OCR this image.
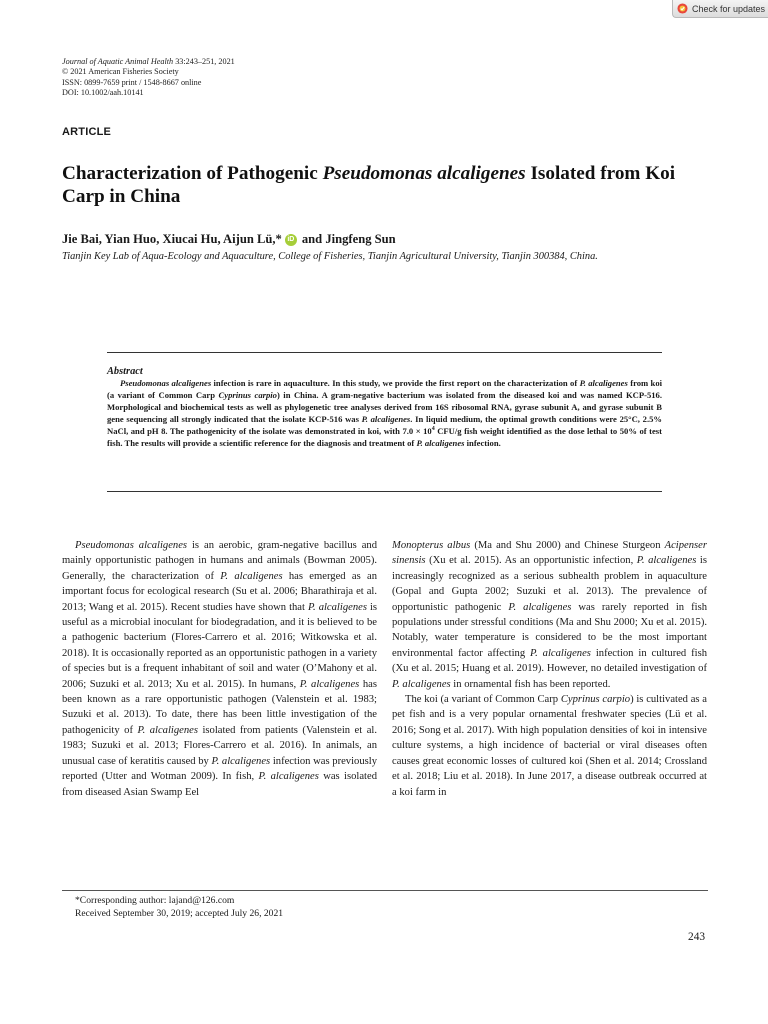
Check for updates
Journal of Aquatic Animal Health 33:243–251, 2021
© 2021 American Fisheries Society
ISSN: 0899-7659 print / 1548-8667 online
DOI: 10.1002/aah.10141
ARTICLE
Characterization of Pathogenic Pseudomonas alcaligenes Isolated from Koi Carp in China
Jie Bai, Yian Huo, Xiucai Hu, Aijun Lü,* iD and Jingfeng Sun
Tianjin Key Lab of Aqua-Ecology and Aquaculture, College of Fisheries, Tianjin Agricultural University, Tianjin 300384, China.
Abstract
Pseudomonas alcaligenes infection is rare in aquaculture. In this study, we provide the first report on the characterization of P. alcaligenes from koi (a variant of Common Carp Cyprinus carpio) in China. A gram-negative bacterium was isolated from the diseased koi and was named KCP-516. Morphological and biochemical tests as well as phylogenetic tree analyses derived from 16S ribosomal RNA, gyrase subunit A, and gyrase subunit B gene sequencing all strongly indicated that the isolate KCP-516 was P. alcaligenes. In liquid medium, the optimal growth conditions were 25°C, 2.5% NaCl, and pH 8. The pathogenicity of the isolate was demonstrated in koi, with $7.0 \times 10^4$ CFU/g fish weight identified as the dose lethal to 50% of test fish. The results will provide a scientific reference for the diagnosis and treatment of P. alcaligenes infection.

Pseudomonas alcaligenes is an aerobic, gram-negative bacillus and mainly opportunistic pathogen in humans and animals (Bowman 2005). Generally, the characterization of P. alcaligenes has emerged as an important focus for ecological research (Su et al. 2006; Bharathiraja et al. 2013; Wang et al. 2015). Recent studies have shown that P. alcaligenes is useful as a microbial inoculant for biodegradation, and it is believed to be a pathogenic bacterium (Flores-Carrero et al. 2016; Witkowska et al. 2018). It is occasionally reported as an opportunistic pathogen in a variety of species but is a frequent inhabitant of soil and water (O’Mahony et al. 2006; Suzuki et al. 2013; Xu et al. 2015). In humans, P. alcaligenes has been known as a rare opportunistic pathogen (Valenstein et al. 1983; Suzuki et al. 2013). To date, there has been little investigation of the pathogenicity of P. alcaligenes isolated from patients (Valenstein et al. 1983; Suzuki et al. 2013; Flores-Carrero et al. 2016). In animals, an unusual case of keratitis caused by P. alcaligenes infection was previously reported (Utter and Wotman 2009). In fish, P. alcaligenes was isolated from diseased Asian Swamp Eel

Monopterus albus (Ma and Shu 2000) and Chinese Sturgeon Acipenser sinensis (Xu et al. 2015). As an opportunistic infection, P. alcaligenes is increasingly recognized as a serious subhealth problem in aquaculture (Gopal and Gupta 2002; Suzuki et al. 2013). The prevalence of opportunistic pathogenic P. alcaligenes was rarely reported in fish populations under stressful conditions (Ma and Shu 2000; Xu et al. 2015). Notably, water temperature is considered to be the most important environmental factor affecting P. alcaligenes infection in cultured fish (Xu et al. 2015; Huang et al. 2019). However, no detailed investigation of P. alcaligenes in ornamental fish has been reported.

The koi (a variant of Common Carp Cyprinus carpio) is cultivated as a pet fish and is a very popular ornamental freshwater species (Lü et al. 2016; Song et al. 2017). With high population densities of koi in intensive culture systems, a high incidence of bacterial or viral diseases often causes great economic losses of cultured koi (Shen et al. 2014; Crossland et al. 2018; Liu et al. 2018). In June 2017, a disease outbreak occurred at a koi farm in

*Corresponding author: lajand@126.com
Received September 30, 2019; accepted July 26, 2021
243
